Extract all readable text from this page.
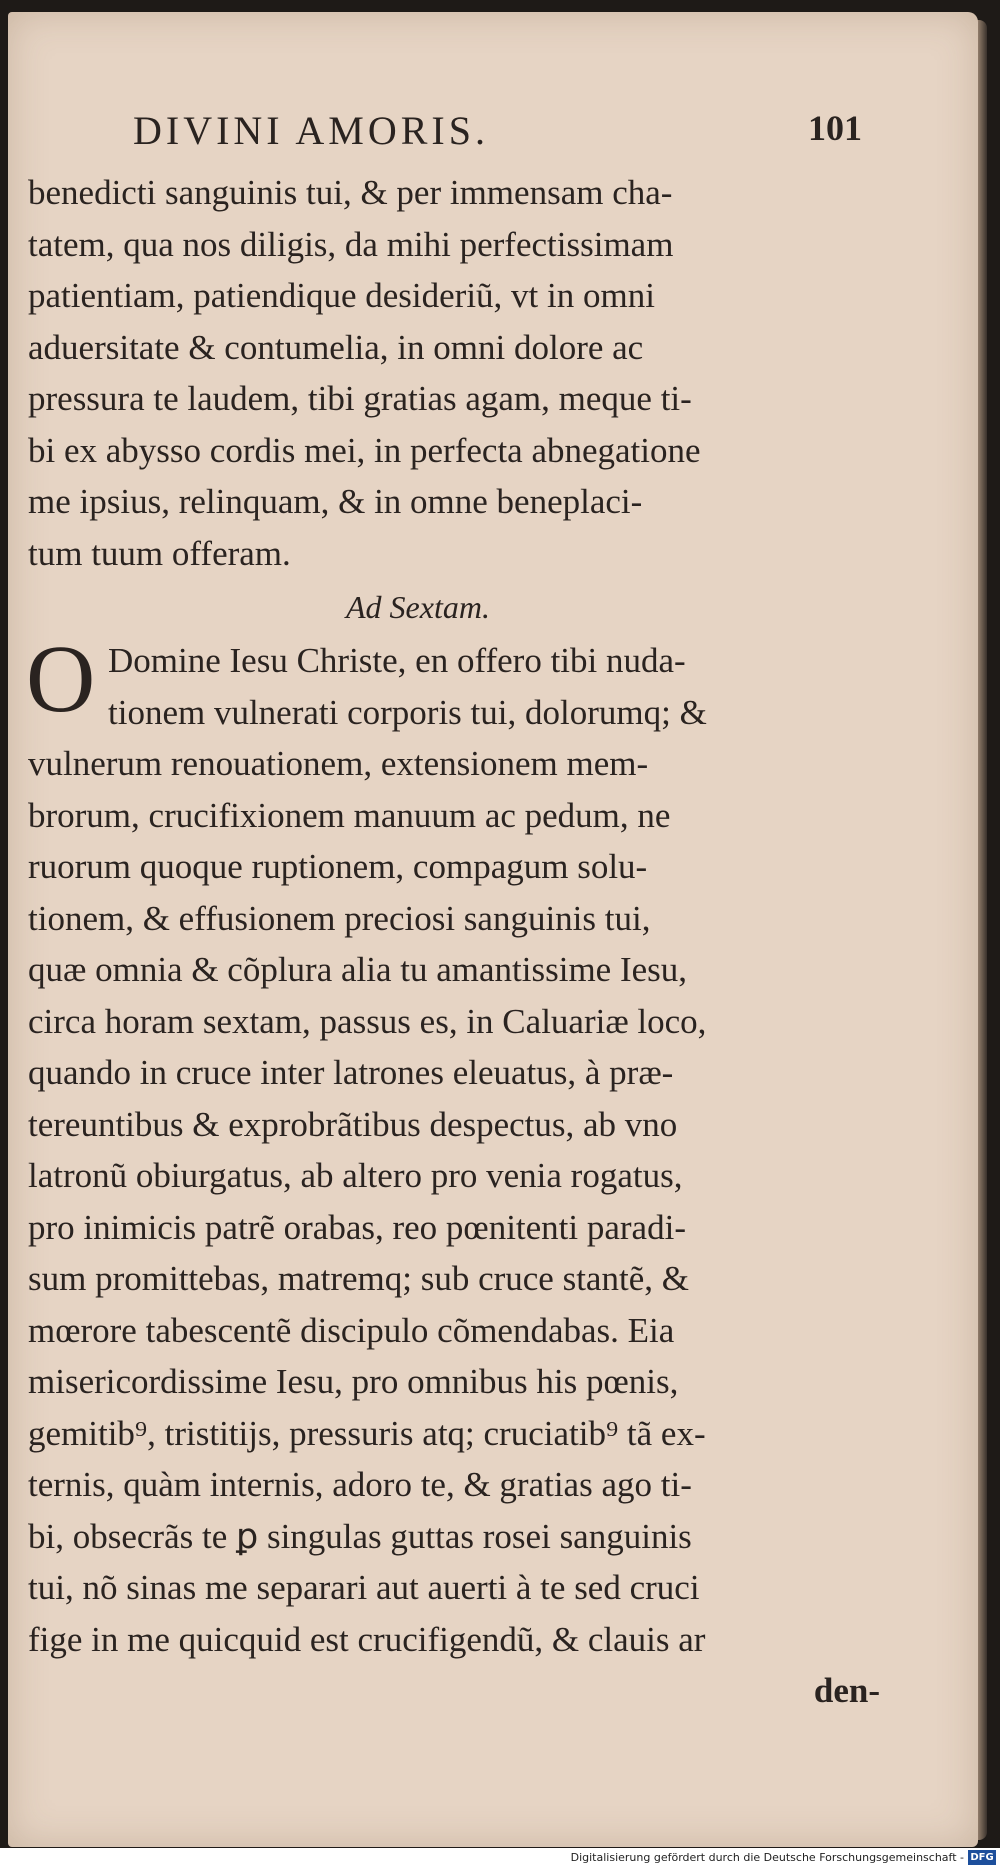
DIVINI AMORIS.	101
benedicti sanguinis tui, & per immensam cha-
tatem, qua nos diligis, da mihi perfectissimam
patientiam, patiendique desideriũ, vt in omni
aduersitate & contumelia, in omni dolore ac
pressura te laudem, tibi gratias agam, meque ti-
bi ex abysso cordis mei, in perfecta abnegatione
me ipsius, relinquam, & in omne beneplaci-
tum tuum offeram.
Ad Sextam.
O Domine Iesu Christe, en offero tibi nuda-
tionem vulnerati corporis tui, dolorumq; &
vulnerum renouationem, extensionem mem-
brorum, crucifixionem manuum ac pedum, ne
ruorum quoque ruptionem, compagum solu-
tionem, & effusionem preciosi sanguinis tui,
quæ omnia & cõplura alia tu amantissime Iesu,
circa horam sextam, passus es, in Caluariæ loco,
quando in cruce inter latrones eleuatus, à præ-
tereuntibus & exprobrãtibus despectus, ab vno
latronũ obiurgatus, ab altero pro venia rogatus,
pro inimicis patrẽ orabas, reo pœnitenti paradi-
sum promittebas, matremq; sub cruce stantẽ, &
mœrore tabescentẽ discipulo cõmendabas. Eia
misericordissime Iesu, pro omnibus his pœnis,
gemitib⁹, tristitijs, pressuris atq; cruciatib⁹ tã ex-
ternis, quàm internis, adoro te, & gratias ago ti-
bi, obsecrãs te ꝑ singulas guttas rosei sanguinis
tui, nõ sinas me separari aut auerti à te sed cruci
fige in me quicquid est crucifigendũ, & clauis ar
den-
Digitalisierung gefördert durch die Deutsche Forschungsgemeinschaft - DFG
